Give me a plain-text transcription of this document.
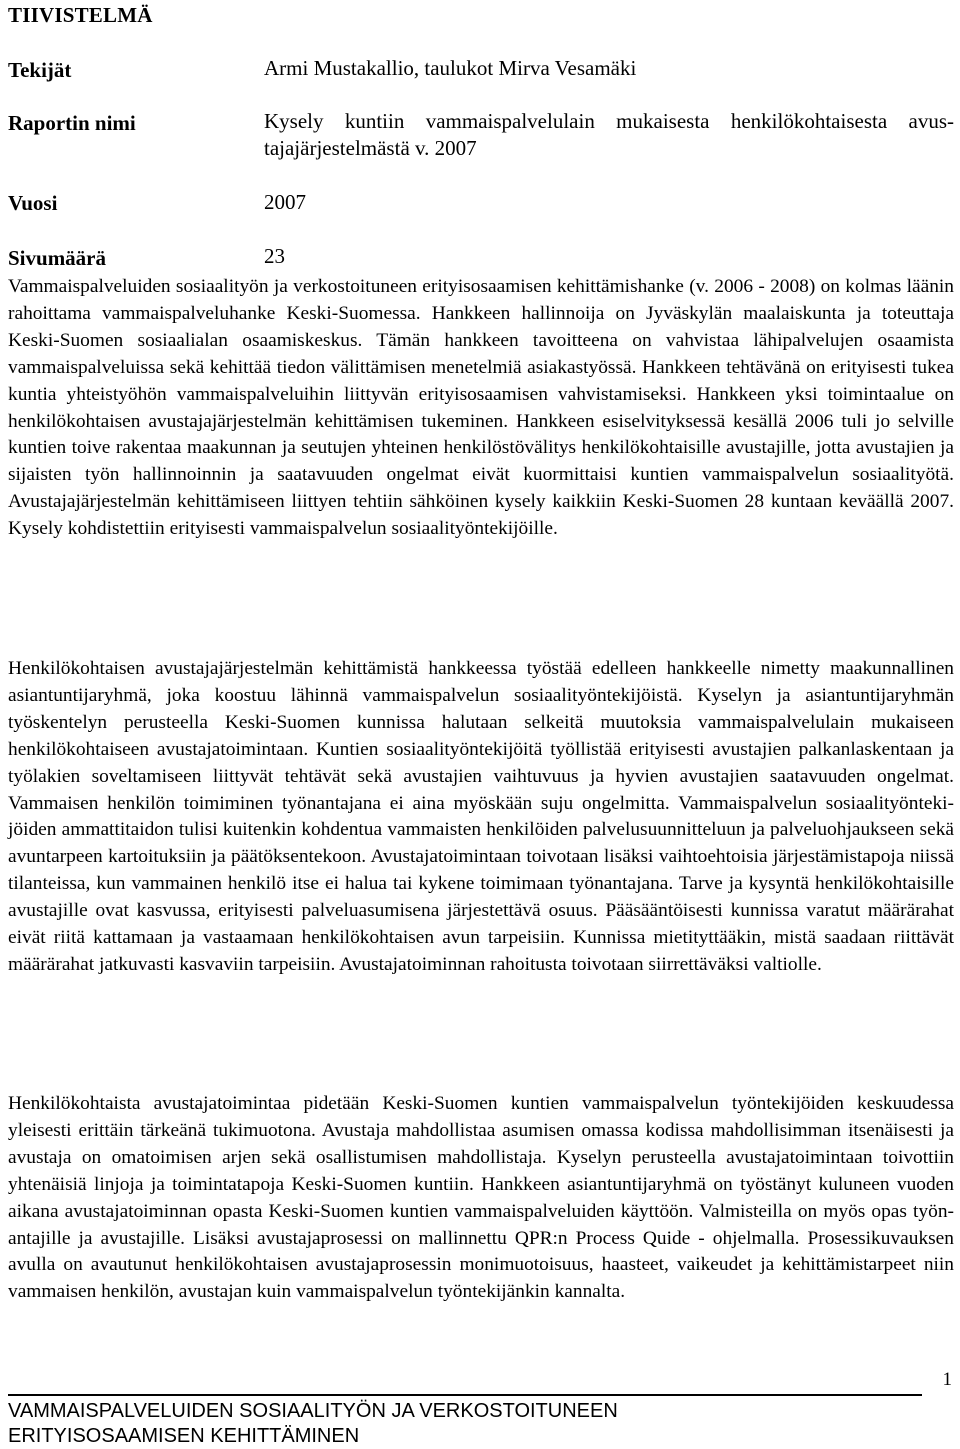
TIIVISTELMÄ
Tekijät	Armi Mustakallio, taulukot Mirva Vesamäki
Raportin nimi	Kysely kuntiin vammaispalvelulain mukaisesta henkilökohtaisesta avus-tajajärjestelmästä v. 2007
Vuosi	2007
Sivumäärä	23

Vammaispalveluiden sosiaalityön ja verkostoituneen erityisosaamisen kehittämishanke (v. 2006 - 2008) on kolmas läänin rahoittama vammaispalveluhanke Keski-Suomessa. Hankkeen hallinnoija on Jyväskylän maalaiskunta ja toteuttaja Keski-Suomen sosiaalialan osaamiskeskus. Tämän hankkeen tavoitteena on vahvistaa lähipalvelujen osaamista vammaispalveluissa sekä kehittää tiedon välittämisen menetelmiä asiakastyössä. Hankkeen tehtävänä on erityisesti tukea kuntia yhteistyöhön vammaispalveluihin liittyvän erityisosaamisen vahvistamiseksi. Hankkeen yksi toimintaalue on henkilökohtaisen avustajajärjestelmän kehittämisen tukeminen. Hankkeen esiselvityksessä kesällä 2006 tuli jo selville kuntien toive rakentaa maakunnan ja seutujen yhteinen henkilöstövälitys henkilökohtaisille avustajille, jotta avustajien ja sijaisten työn hallinnoinnin ja saatavuuden ongelmat eivät kuormittaisi kuntien vammaispalvelun sosiaalityötä. Avustajajärjestelmän kehittämiseen liittyen tehtiin sähköinen kysely kaikkiin Keski-Suomen 28 kuntaan keväällä 2007. Kysely kohdistettiin erityisesti vammaispalvelun sosiaalityöntekijöille.

Henkilökohtaisen avustajajärjestelmän kehittämistä hankkeessa työstää edelleen hankkeelle nimetty maakunnallinen asiantuntijaryhmä, joka koostuu lähinnä vammaispalvelun sosiaalityöntekijöistä. Kyselyn ja asiantuntijaryhmän työskentelyn perusteella Keski-Suomen kunnissa halutaan selkeitä muutoksia vammaispalvelulain mukaiseen henkilökohtaiseen avustajatoimintaan. Kuntien sosiaalityöntekijöitä työllistää erityisesti avustajien palkanlaskentaan ja työlakien soveltamiseen liittyvät tehtävät sekä avustajien vaihtuvuus ja hyvien avustajien saatavuuden ongelmat. Vammaisen henkilön toimiminen työnantajana ei aina myöskään suju ongelmitta. Vammaispalvelun sosiaalityöntekijöiden ammattitaidon tulisi kuitenkin kohdentua vammaisten henkilöiden palvelusuunnitteluun ja palveluohjaukseen sekä avuntarpeen kartoituksiin ja päätöksentekoon. Avustajatoimintaan toivotaan lisäksi vaihtoehtoisia järjestämistapoja niissä tilanteissa, kun vammainen henkilö itse ei halua tai kykene toimimaan työnantajana. Tarve ja kysyntä henkilökohtaisille avustajille ovat kasvussa, erityisesti palveluasumisena järjestettävä osuus. Pääsääntöisesti kunnissa varatut määrärahat eivät riitä kattamaan ja vastaamaan henkilökohtaisen avun tarpeisiin. Kunnissa mietityttääkin, mistä saadaan riittävät määrärahat jatkuvasti kasvaviin tarpeisiin. Avustajatoiminnan rahoitusta toivotaan siirrettäväksi valtiolle.

Henkilökohtaista avustajatoimintaa pidetään Keski-Suomen kuntien vammaispalvelun työntekijöiden keskuudessa yleisesti erittäin tärkeänä tukimuotona. Avustaja mahdollistaa asumisen omassa kodissa mahdollisimman itsenäisesti ja avustaja on omatoimisen arjen sekä osallistumisen mahdollistaja. Kyselyn perusteella avustajatoimintaan toivottiin yhtenäisiä linjoja ja toimintatapoja Keski-Suomen kuntiin. Hankkeen asiantuntijaryhmä on työstänyt kuluneen vuoden aikana avustajatoiminnan opasta Keski-Suomen kuntien vammaispalveluiden käyttöön. Valmisteilla on myös opas työnantajille ja avustajille. Lisäksi avustajaprosessi on mallinnettu QPR:n Process Quide - ohjelmalla. Prosessikuvauksen avulla on avautunut henkilökohtaisen avustajaprosessin monimuotoisuus, haasteet, vaikeudet ja kehittämistarpeet niin vammaisen henkilön, avustajan kuin vammaispalvelun työntekijänkin kannalta.

1
VAMMAISPALVELUIDEN SOSIAALITYÖN JA VERKOSTOITUNEEN
ERITYISOSAAMISEN KEHITTÄMINEN
